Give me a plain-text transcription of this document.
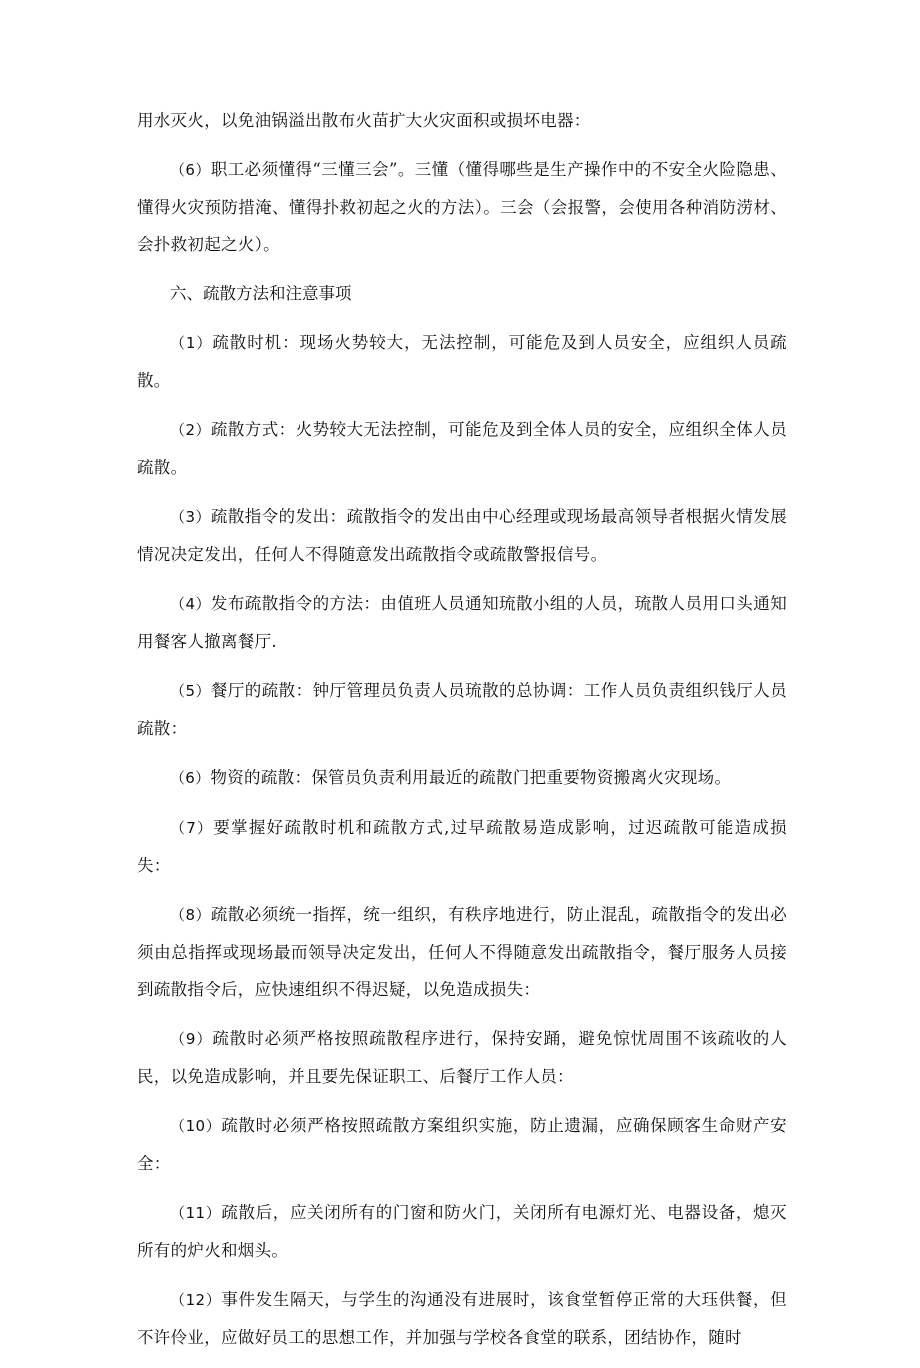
用水灭火，以免油锅溢出散布火苗扩大火灾面积或损坏电器：

（6）职工必须懂得“三懂三会”。三懂（懂得哪些是生产操作中的不安全火险隐患、懂得火灾预防措淹、懂得扑救初起之火的方法）。三会（会报警，会使用各种消防涝材、会扑救初起之火）。

六、疏散方法和注意事项

（1）疏散时机：现场火势较大，无法控制，可能危及到人员安全，应组织人员疏散。

（2）疏散方式：火势较大无法控制，可能危及到全体人员的安全，应组织全体人员疏散。

（3）疏散指令的发出：疏散指令的发出由中心经理或现场最高领导者根据火情发展情况决定发出，任何人不得随意发出疏散指令或疏散警报信号。

（4）发布疏散指令的方法：由值班人员通知琉散小组的人员，琉散人员用口头通知用餐客人撤离餐厅.

（5）餐厅的疏散：钟厅管理员负责人员琉散的总协调：工作人员负责组织钱厅人员疏散：

（6）物资的疏散：保管员负责利用最近的疏散门把重要物资搬离火灾现场。

（7）要掌握好疏散时机和疏散方式,过早疏散易造成影响，过迟疏散可能造成损失：

（8）疏散必须统一指挥，统一组织，有秩序地进行，防止混乱，疏散指令的发出必须由总指挥或现场最而领导决定发出，任何人不得随意发出疏散指令，餐厅服务人员接到疏散指令后，应快速组织不得迟疑，以免造成损失：

（9）疏散时必须严格按照疏散程序进行，保持安踊，避免惊忧周围不该疏收的人民，以免造成影响，并且要先保证职工、后餐厅工作人员：

（10）疏散时必须严格按照疏散方案组织实施，防止遗漏，应确保顾客生命财产安全：

（11）疏散后，应关闭所有的门窗和防火门，关闭所有电源灯光、电器设备，熄灭所有的炉火和烟头。

（12）事件发生隔天，与学生的沟通没有进展时，该食堂暂停正常的大珏供餐，但不许伶业，应做好员工的思想工作，并加强与学校各食堂的联系，团结协作，随时
